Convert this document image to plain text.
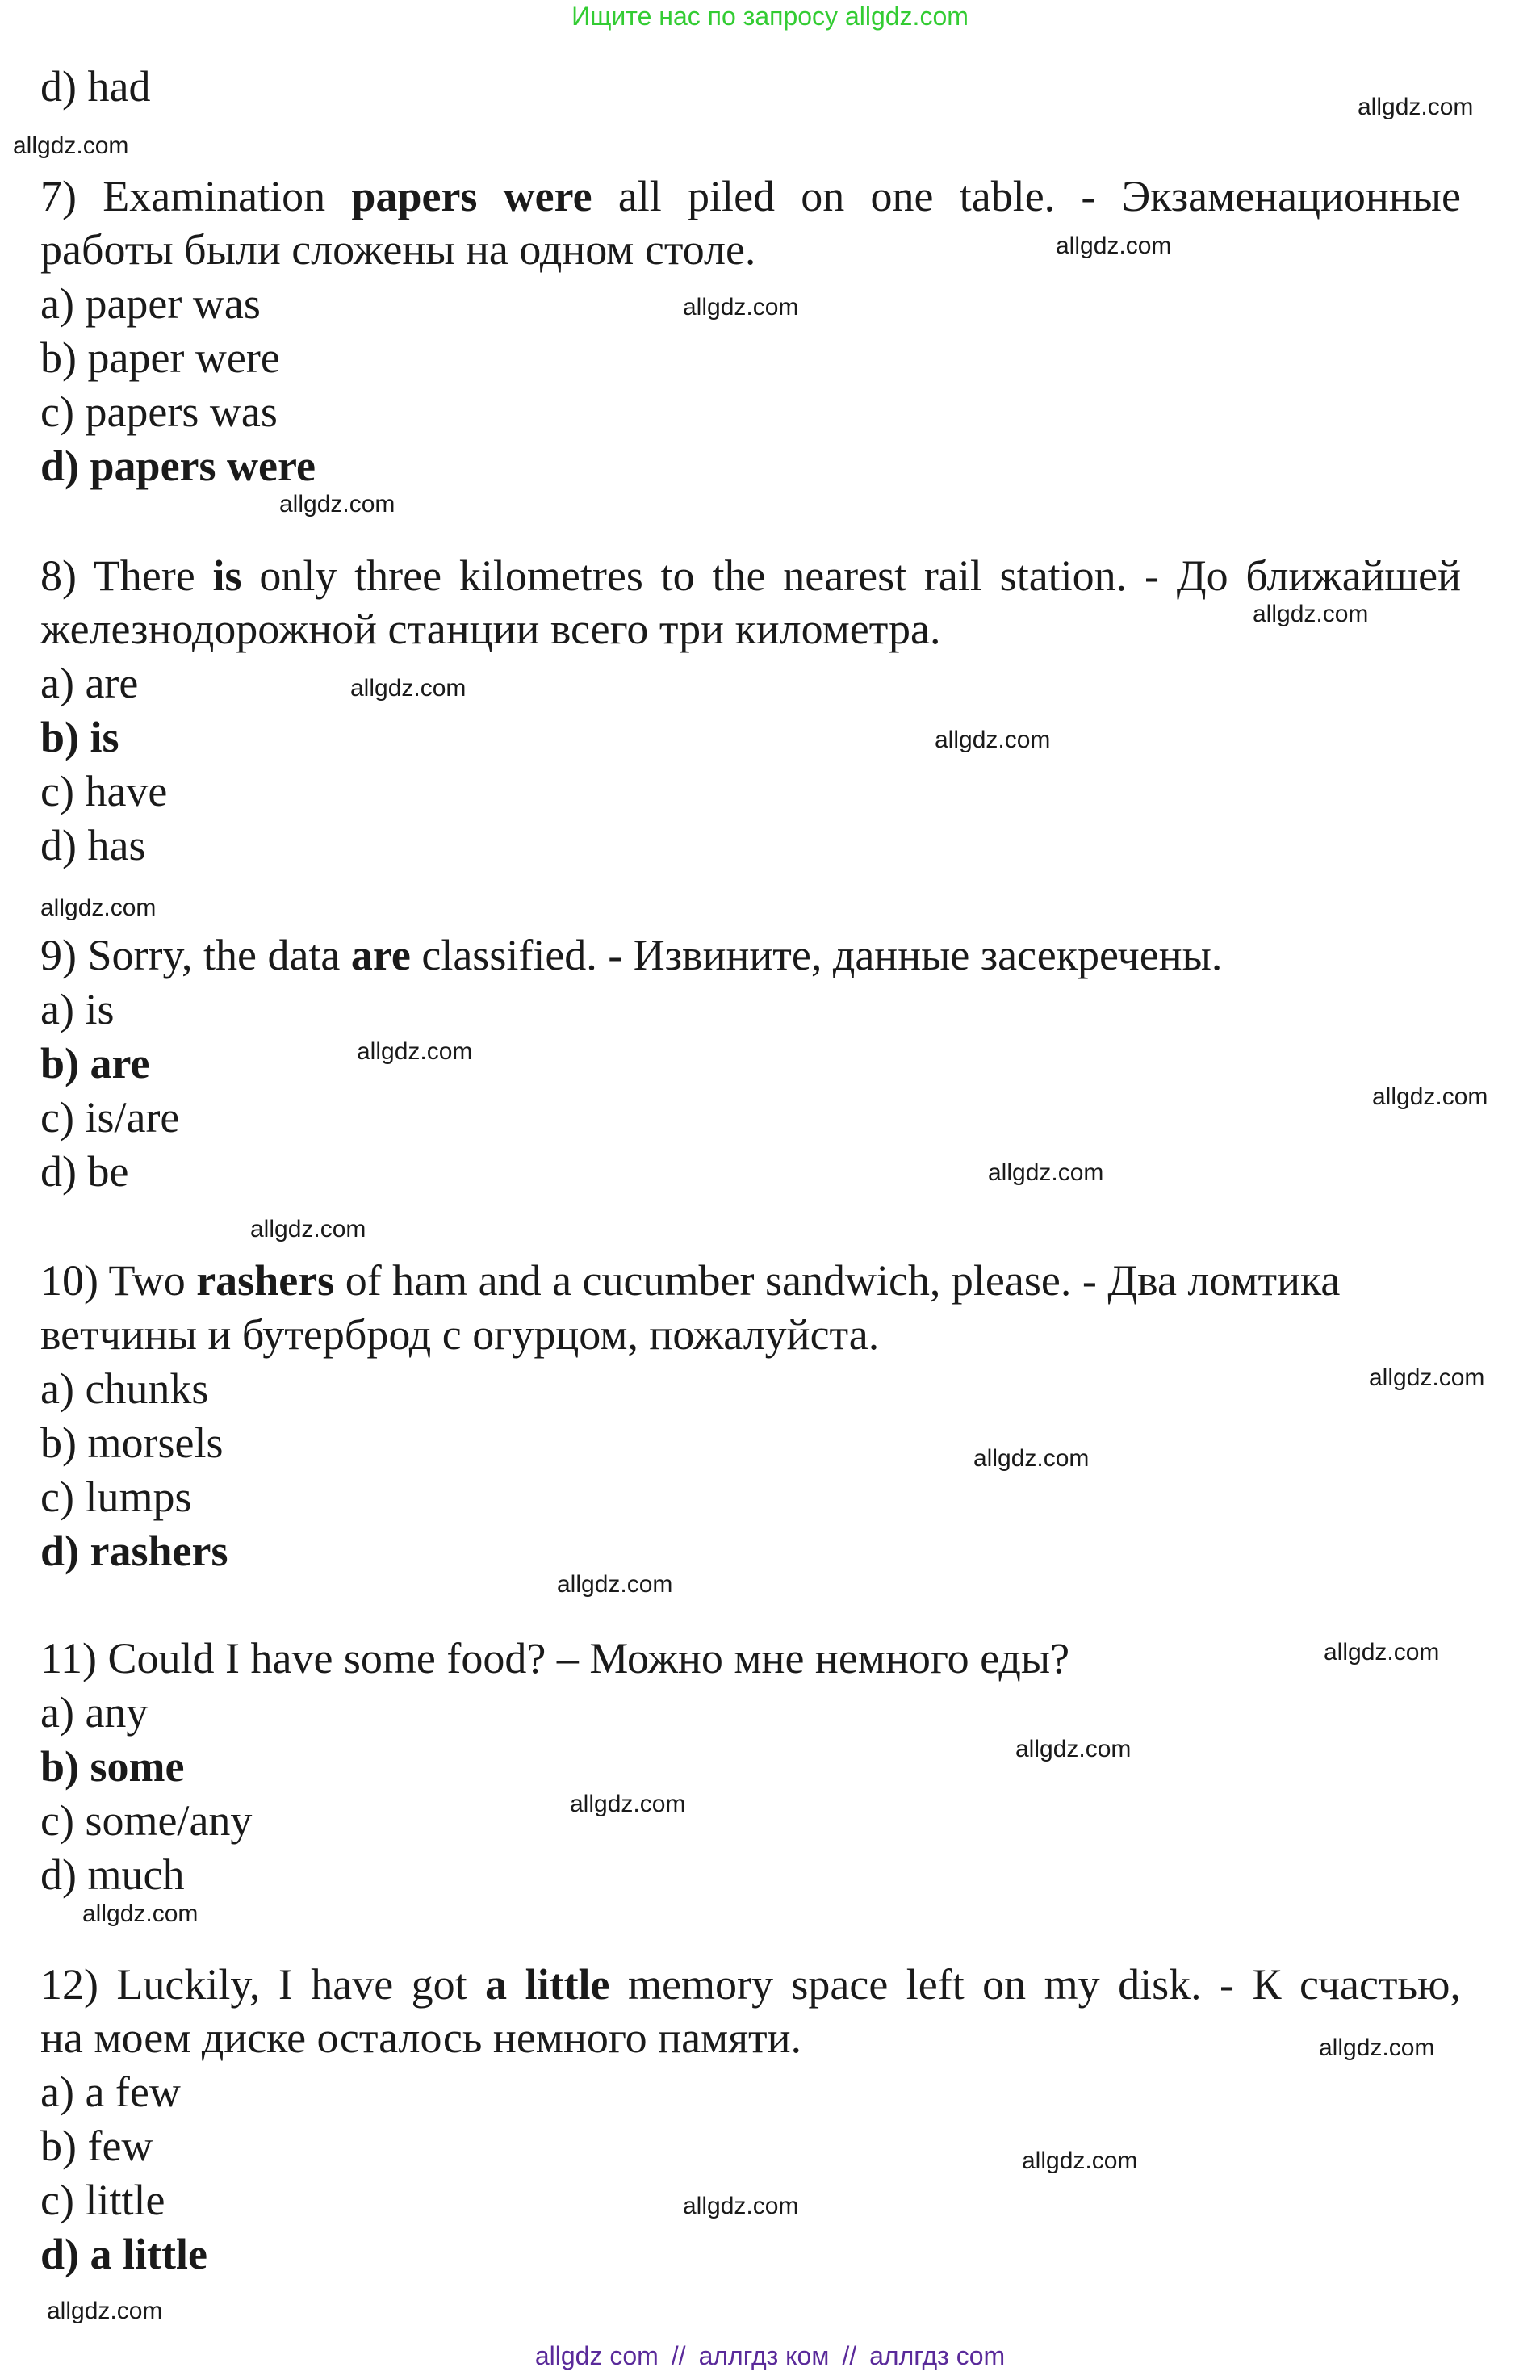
Ищите нас по запросу allgdz.com
d) had
7) Examination papers were all piled on one table. - Экзаменационные
работы были сложены на одном столе.
a) paper was
b) paper were
c) papers was
d) papers were
8) There is only three kilometres to the nearest rail station. - До ближайшей
железнодорожной станции всего три километра.
a) are
b) is
c) have
d) has
9) Sorry, the data are classified. - Извините, данные засекречены.
a) is
b) are
c) is/are
d) be
10) Two rashers of ham and a cucumber sandwich, please. - Два ломтика
ветчины и бутерброд с огурцом, пожалуйста.
a) chunks
b) morsels
c) lumps
d) rashers
11) Could I have some food? – Можно мне немного еды?
a) any
b) some
c) some/any
d) much
12) Luckily, I have got a little memory space left on my disk. - К счастью,
на моем диске осталось немного памяти.
a) a few
b) few
c) little
d) a little
allgdz.com
allgdz.com
allgdz.com
allgdz.com
allgdz.com
allgdz.com
allgdz.com
allgdz.com
allgdz.com
allgdz.com
allgdz.com
allgdz.com
allgdz.com
allgdz.com
allgdz.com
allgdz.com
allgdz.com
allgdz.com
allgdz.com
allgdz.com
allgdz.com
allgdz.com
allgdz.com
allgdz.com
allgdz com // аллгдз ком // аллгдз com
